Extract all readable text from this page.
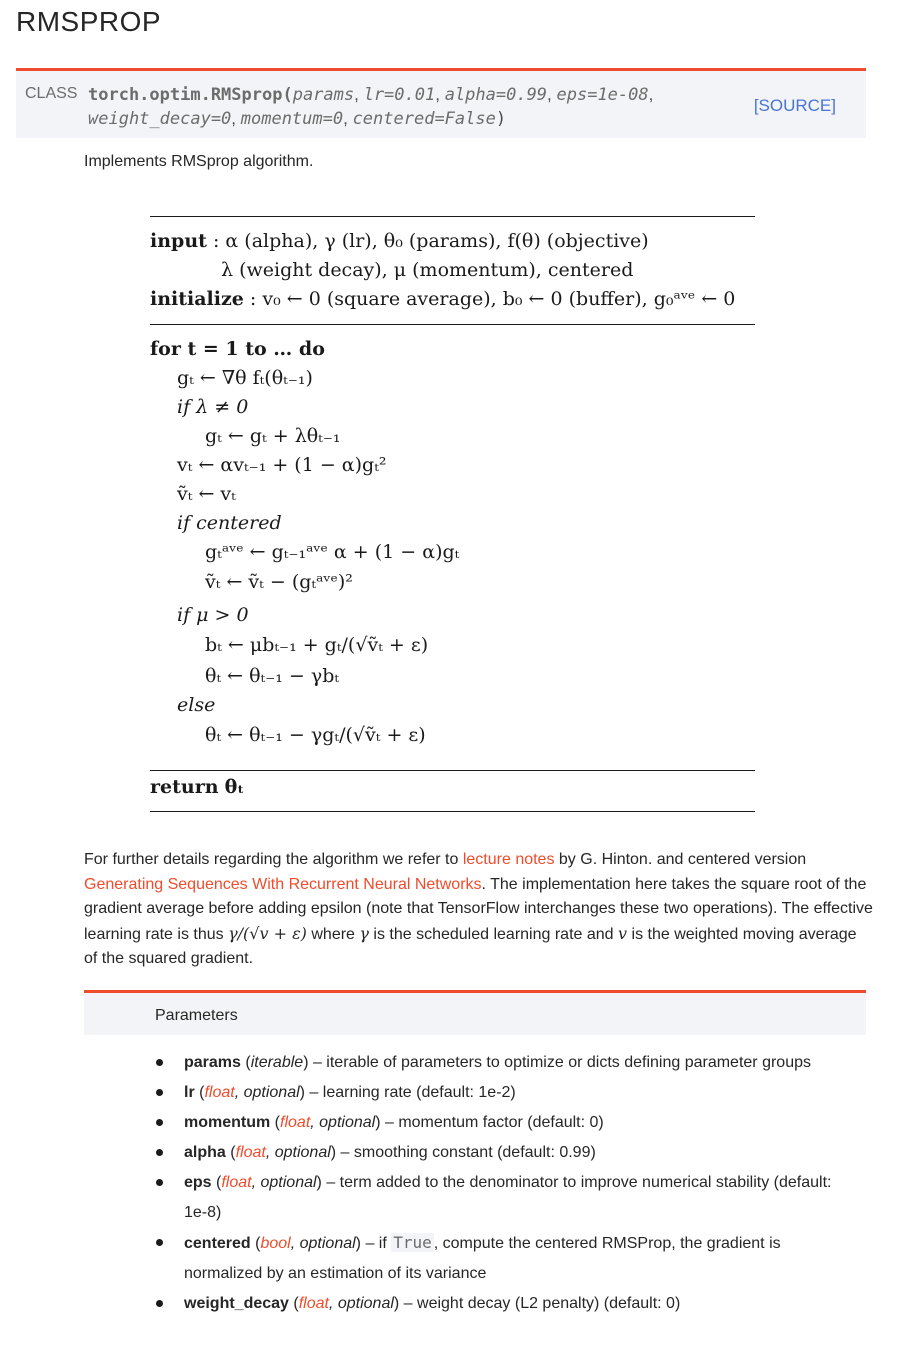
RMSPROP
CLASS torch.optim.RMSprop(params, lr=0.01, alpha=0.99, eps=1e-08,
weight_decay=0, momentum=0, centered=False)
[SOURCE]
Implements RMSprop algorithm.
input : α (alpha), γ (lr), θ₀ (params), f(θ) (objective)
λ (weight decay), μ (momentum), centered
initialize : v₀ ← 0 (square average), b₀ ← 0 (buffer), g₀ᵃᵛᵉ ← 0
for t = 1 to … do
gₜ ← ∇θ fₜ(θₜ₋₁)
if λ ≠ 0
gₜ ← gₜ + λθₜ₋₁
vₜ ← αvₜ₋₁ + (1 − α)gₜ²
ṽₜ ← vₜ
if centered
gₜᵃᵛᵉ ← gₜ₋₁ᵃᵛᵉ α + (1 − α)gₜ
ṽₜ ← ṽₜ − (gₜᵃᵛᵉ)²
if μ > 0
bₜ ← μbₜ₋₁ + gₜ/(√ṽₜ + ε)
θₜ ← θₜ₋₁ − γbₜ
else
θₜ ← θₜ₋₁ − γgₜ/(√ṽₜ + ε)
return θₜ

For further details regarding the algorithm we refer to lecture notes by G. Hinton. and centered version Generating Sequences With Recurrent Neural Networks. The implementation here takes the square root of the gradient average before adding epsilon (note that TensorFlow interchanges these two operations). The effective learning rate is thus γ/(√v + ε) where γ is the scheduled learning rate and v is the weighted moving average of the squared gradient.

Parameters
params (iterable) – iterable of parameters to optimize or dicts defining parameter groups
lr (float, optional) – learning rate (default: 1e-2)
momentum (float, optional) – momentum factor (default: 0)
alpha (float, optional) – smoothing constant (default: 0.99)
eps (float, optional) – term added to the denominator to improve numerical stability (default: 1e-8)
centered (bool, optional) – if True , compute the centered RMSProp, the gradient is normalized by an estimation of its variance
weight_decay (float, optional) – weight decay (L2 penalty) (default: 0)
